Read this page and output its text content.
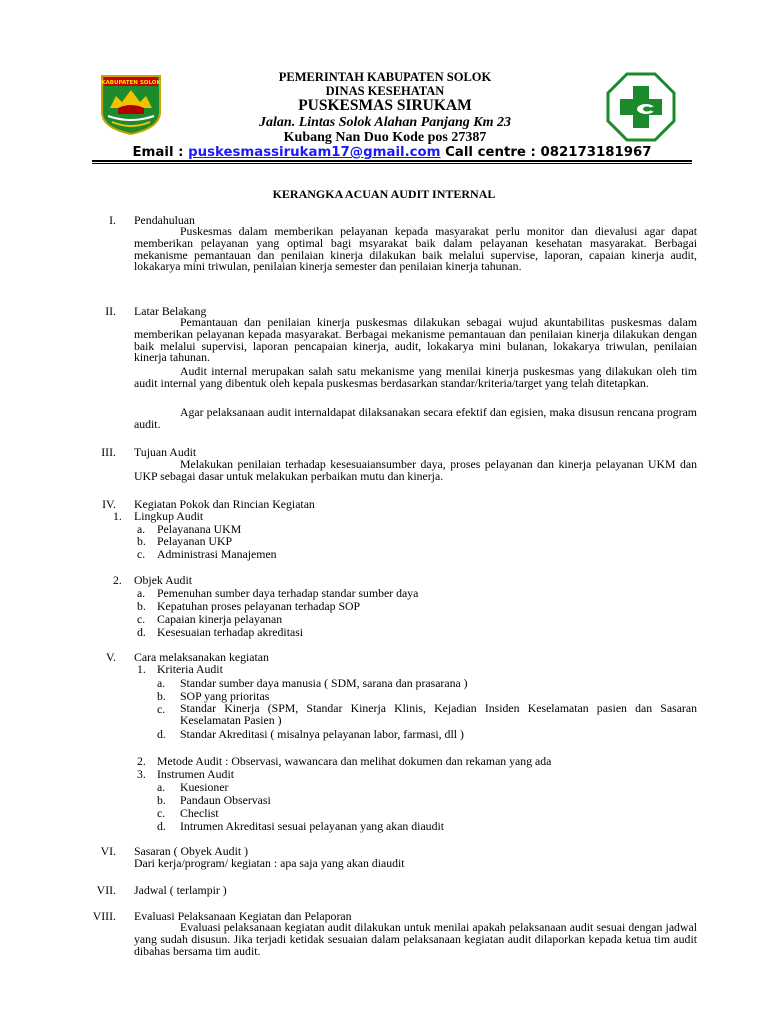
KABUPATEN SOLOK	PEMERINTAH KABUPATEN SOLOK
DINAS KESEHATAN
PUSKESMAS SIRUKAM
Jalan. Lintas Solok Alahan Panjang Km 23
Kubang Nan Duo Kode pos 27387
Email : puskesmassirukam17@gmail.com Call centre : 082173181967
KERANGKA ACUAN AUDIT INTERNAL
I. Pendahuluan
Puskesmas dalam memberikan pelayanan kepada masyarakat perlu monitor dan dievalusi agar dapat memberikan pelayanan yang optimal bagi msyarakat baik dalam pelayanan kesehatan masyarakat. Berbagai mekanisme pemantauan dan penilaian kinerja dilakukan baik melalui supervise, laporan, capaian kinerja audit, lokakarya mini triwulan, penilaian kinerja semester dan penilaian kinerja tahunan.
II. Latar Belakang
Pemantauan dan penilaian kinerja puskesmas dilakukan sebagai wujud akuntabilitas puskesmas dalam memberikan pelayanan kepada masyarakat. Berbagai mekanisme pemantauan dan penilaian kinerja dilakukan dengan baik melalui supervisi, laporan pencapaian kinerja, audit, lokakarya mini bulanan, lokakarya triwulan, penilaian kinerja tahunan.
Audit internal merupakan salah satu mekanisme yang menilai kinerja puskesmas yang dilakukan oleh tim audit internal yang dibentuk oleh kepala puskesmas berdasarkan standar/kriteria/target yang telah ditetapkan.
Agar pelaksanaan audit internaldapat dilaksanakan secara efektif dan egisien, maka disusun rencana program audit.
III. Tujuan Audit
Melakukan penilaian terhadap kesesuaiansumber daya, proses pelayanan dan kinerja pelayanan UKM dan UKP sebagai dasar untuk melakukan perbaikan mutu dan kinerja.
IV. Kegiatan Pokok dan Rincian Kegiatan
1. Lingkup Audit
a. Pelayanana UKM
b. Pelayanan UKP
c. Administrasi Manajemen
2. Objek Audit
a. Pemenuhan sumber daya terhadap standar sumber daya
b. Kepatuhan proses pelayanan terhadap SOP
c. Capaian kinerja pelayanan
d. Kesesuaian terhadap akreditasi
V. Cara melaksanakan kegiatan
1. Kriteria Audit
a. Standar sumber daya manusia ( SDM, sarana dan prasarana )
b. SOP yang prioritas
c. Standar Kinerja (SPM, Standar Kinerja Klinis, Kejadian Insiden Keselamatan pasien dan Sasaran Keselamatan Pasien )
d. Standar Akreditasi ( misalnya pelayanan labor, farmasi, dll )
2. Metode Audit : Observasi, wawancara dan melihat dokumen dan rekaman yang ada
3. Instrumen Audit
a. Kuesioner
b. Pandaun Observasi
c. Checlist
d. Intrumen Akreditasi sesuai pelayanan yang akan diaudit
VI. Sasaran ( Obyek Audit )
Dari kerja/program/ kegiatan : apa saja yang akan diaudit
VII. Jadwal ( terlampir )
VIII. Evaluasi Pelaksanaan Kegiatan dan Pelaporan
Evaluasi pelaksanaan kegiatan audit dilakukan untuk menilai apakah pelaksanaan audit sesuai dengan jadwal yang sudah disusun. Jika terjadi ketidak sesuaian dalam pelaksanaan kegiatan audit dilaporkan kepada ketua tim audit dibahas bersama tim audit.
